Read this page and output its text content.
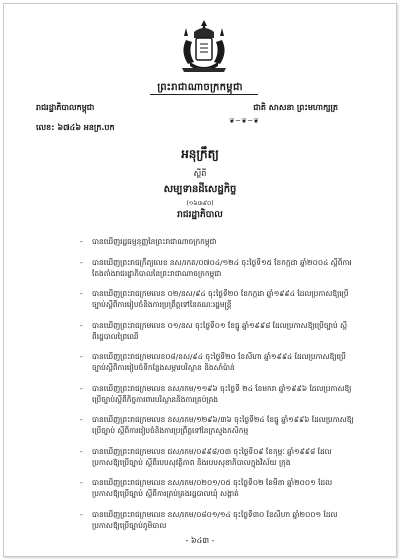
ព្រះរាជាណាចក្រកម្ពុជា
រាជរដ្ឋាភិបាលកម្ពុជា	ជាតិ សាសនា ព្រះមហាក្សត្រ
❦─❦─❦
លេខ: ៦៧៤៦ អនក្រ.បក
អនុក្រឹត្យ
ស្តីពី
សម្បទានដីសេដ្ឋកិច្ច
(១៦៣៩០)
រាជរដ្ឋាភិបាល
- បានឃើញរដ្ឋធម្មនុញ្ញនៃព្រះរាជាណាចក្រកម្ពុជា
- បានឃើញព្រះរាជក្រឹត្យលេខ នស/រកត/០៧០៤/១២៤ ចុះថ្ងៃទី១៥ ខែកក្កដា ឆ្នាំ២០០៤ ស្តីពីការតែងតាំងរាជរដ្ឋាភិបាលនៃព្រះរាជាណាចក្រកម្ពុជា
- បានឃើញព្រះរាជក្រមលេខ ០២/នស/៩៤ ចុះថ្ងៃទី២០ ខែកក្កដា ឆ្នាំ១៩៩៤ ដែលប្រកាសឱ្យប្រើច្បាប់ស្តីពីការរៀបចំនិងការប្រព្រឹត្តទៅនៃគណៈរដ្ឋមន្ត្រី
- បានឃើញព្រះរាជក្រមលេខ ០១/នស ចុះថ្ងៃទី០១ ខែធ្នូ ឆ្នាំ១៩៩៨ ដែលប្រកាសឱ្យប្រើច្បាប់ ស្តីពីរដ្ឋបាលព្រៃឈើ
- បានឃើញព្រះរាជក្រមលេខ០៨/នស/៩៤ ចុះថ្ងៃទី២០ ខែសីហា ឆ្នាំ១៩៩៤ ដែលប្រកាសឱ្យប្រើច្បាប់ស្តីពីការរៀបចំទីកន្លែងសម្ភារបរិស្ថាន និងសាំប៉ាន់
- បានឃើញព្រះរាជក្រមលេខ នស/រកម/១១៩៦ ចុះថ្ងៃទី ២៤ ខែមករា ឆ្នាំ១៩៩៦ ដែលប្រកាសឱ្យប្រើច្បាប់ស្តីពីកិច្ចការពារបរិស្ថាននិងការគ្រប់គ្រង
- បានឃើញព្រះរាជក្រមលេខ នស/រកម/១២៩៦/៣៦ ចុះថ្ងៃទី២៤ ខែធ្នូ ឆ្នាំ១៩៩៦ ដែលប្រកាសឱ្យប្រើច្បាប់ ស្តីពីការរៀបចំនិងការប្រព្រឹត្តទៅនៃក្រសួងកសិកម្ម
- បានឃើញព្រះរាជក្រមលេខ ជស/រកម/០៩៩៨/០៣ ចុះថ្ងៃទី០៩ ខែកុម្ភៈ ឆ្នាំ១៩៩៨ ដែលប្រកាសឱ្យប្រើច្បាប់ ស្តីពីរបបសុវត្ថិភាព និងរបបសុខាភិបាលក្នុងវិស័យ ក្រុង
- បានឃើញព្រះរាជក្រមលេខ នស/រកម/០២០១/០៥ ចុះថ្ងៃទី០២ ខែមីនា ឆ្នាំ២០០១ ដែលប្រកាសឱ្យប្រើច្បាប់ ស្តីពីការគ្រប់គ្រងរដ្ឋបាលឃុំ សង្កាត់
- បានឃើញព្រះរាជក្រមលេខ នស/រកម/០៨០១/១៤ ចុះថ្ងៃទី៣០ ខែសីហា ឆ្នាំ២០០១ ដែលប្រកាសឱ្យប្រើច្បាប់ភូមិបាល
- ៦៤៣ -
